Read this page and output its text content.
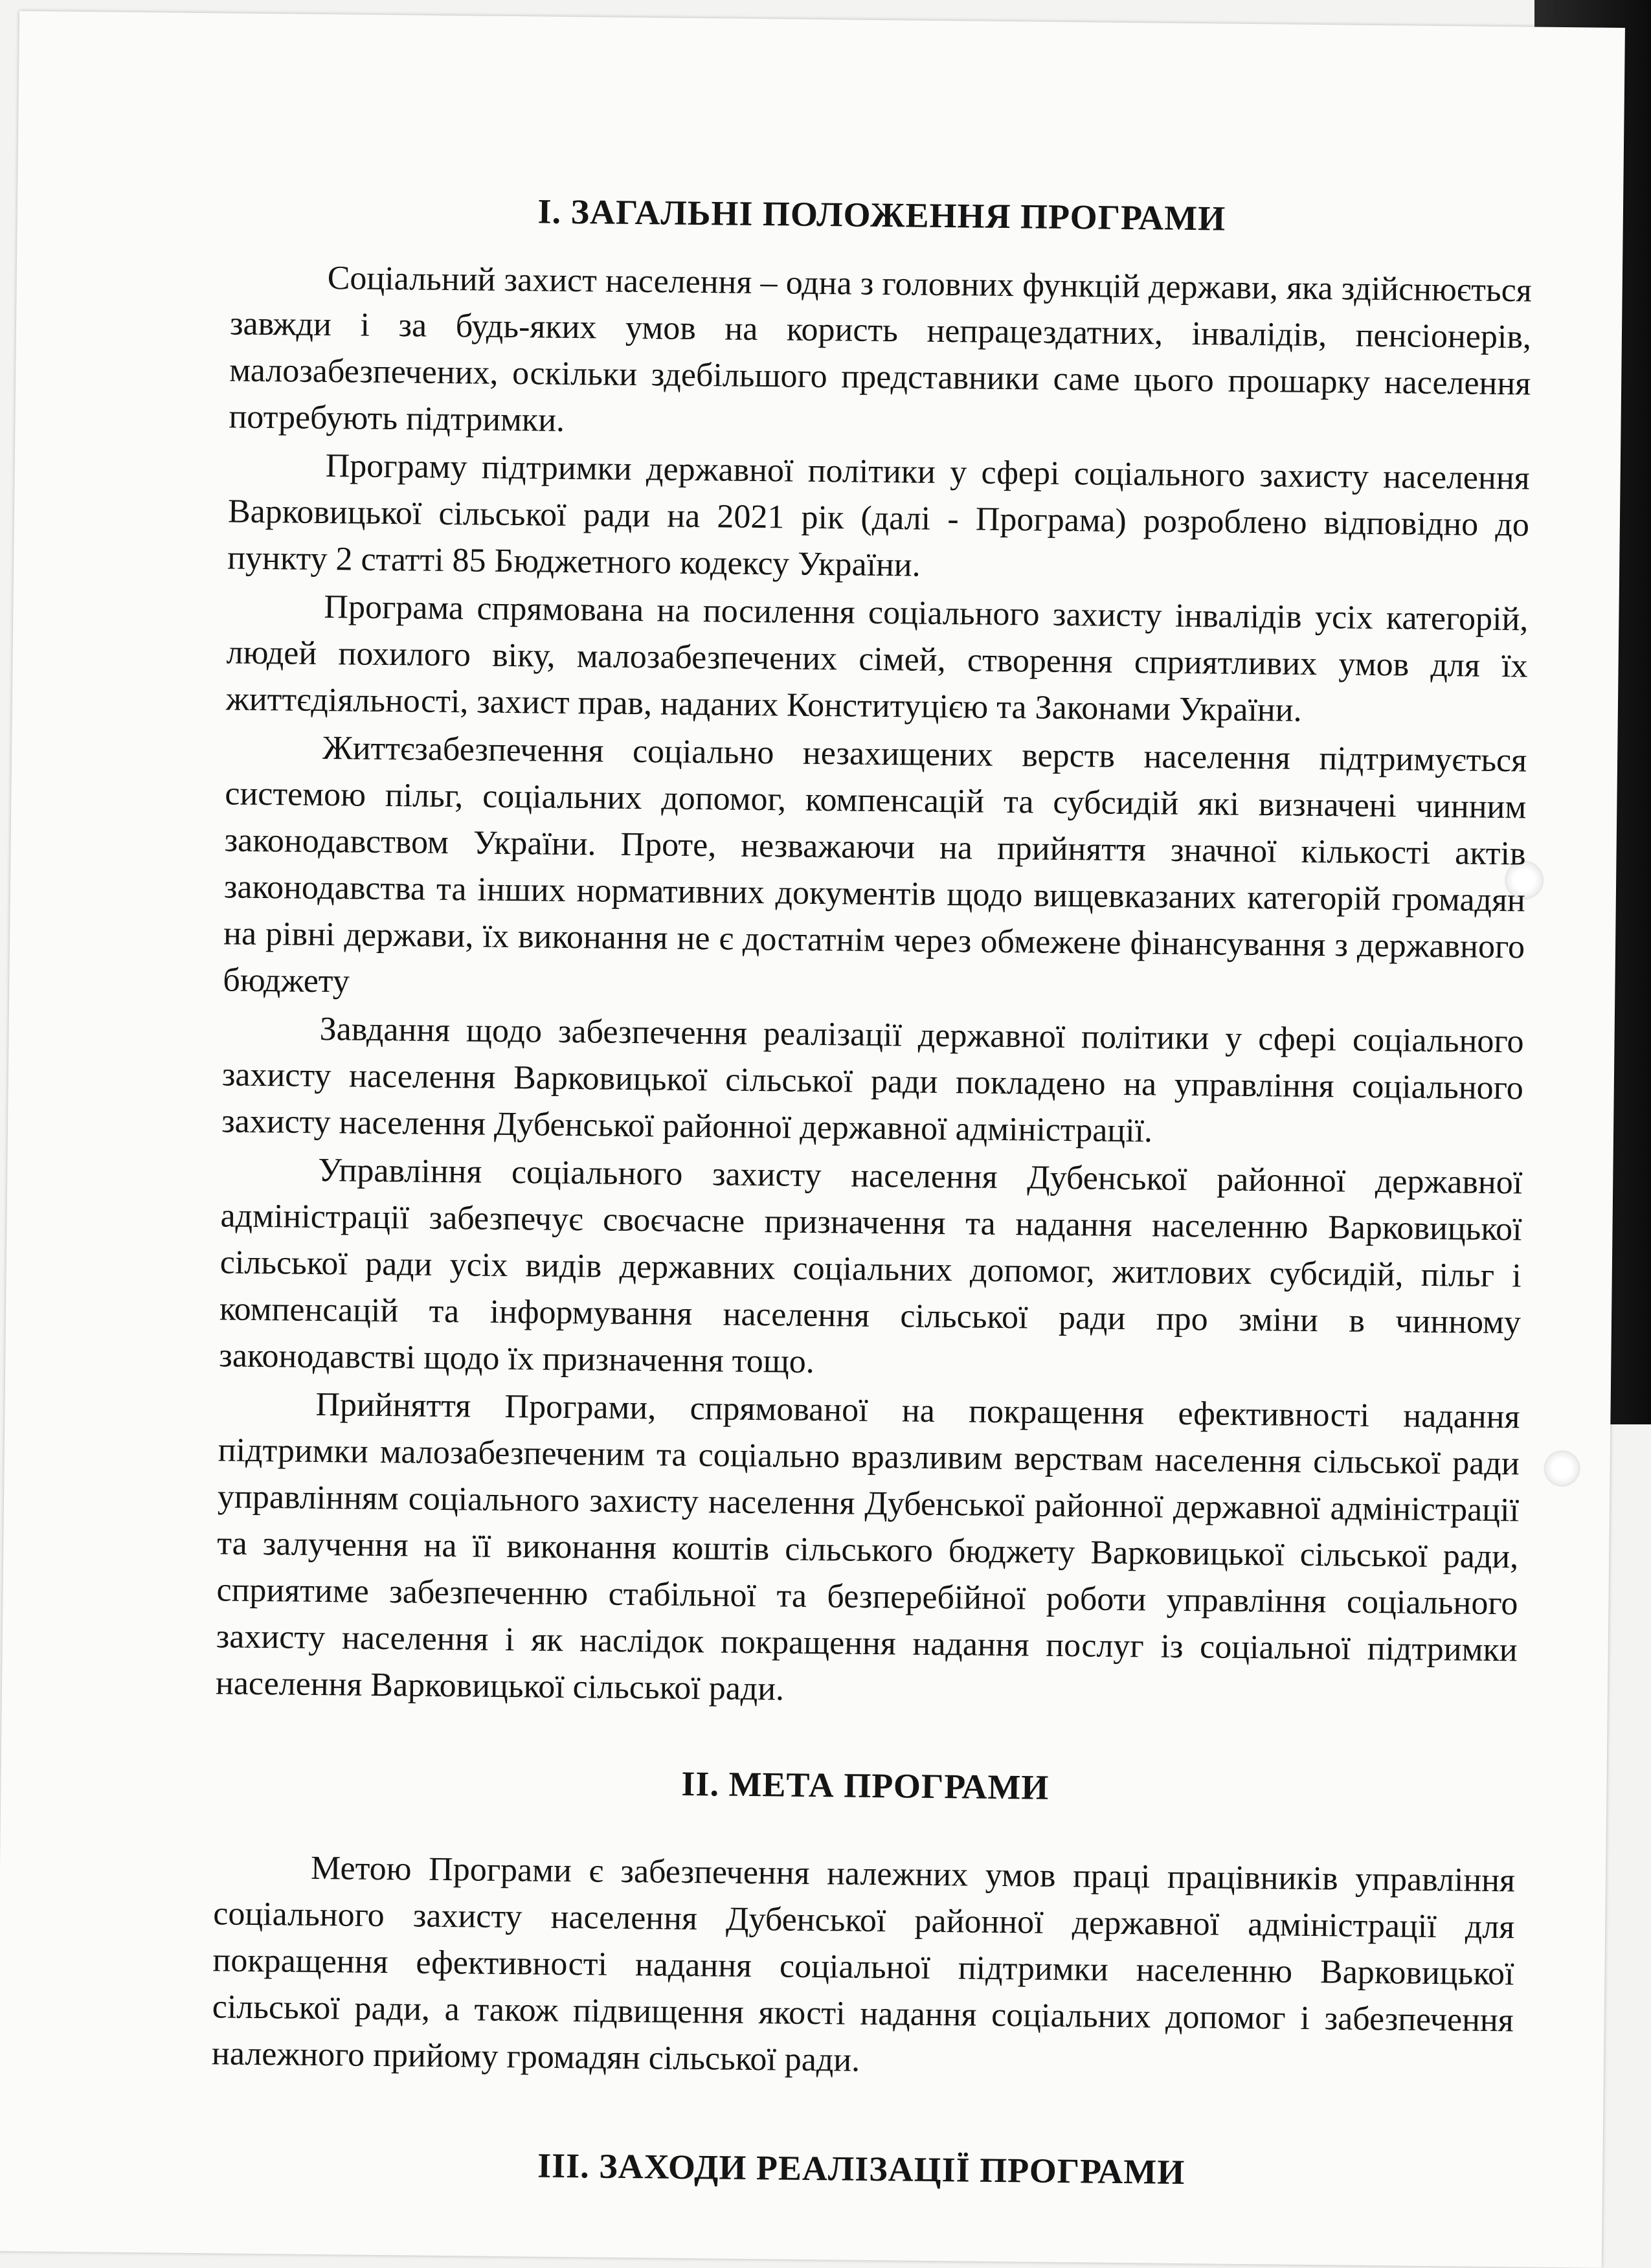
І. ЗАГАЛЬНІ ПОЛОЖЕННЯ ПРОГРАМИ

Соціальний захист населення – одна з головних функцій держави, яка здійснюється завжди і за будь-яких умов на користь непрацездатних, інвалідів, пенсіонерів, малозабезпечених, оскільки здебільшого представники саме цього прошарку населення потребують підтримки.

Програму підтримки державної політики у сфері соціального захисту населення Варковицької сільської ради на 2021 рік (далі - Програма) розроблено відповідно до пункту 2 статті 85 Бюджетного кодексу України.

Програма спрямована на посилення соціального захисту інвалідів усіх категорій, людей похилого віку, малозабезпечених сімей, створення сприятливих умов для їх життєдіяльності, захист прав, наданих Конституцією та Законами України.

Життєзабезпечення соціально незахищених верств населення підтримується системою пільг, соціальних допомог, компенсацій та субсидій які визначені чинним законодавством України. Проте, незважаючи на прийняття значної кількості актів законодавства та інших нормативних документів щодо вищевказаних категорій громадян на рівні держави, їх виконання не є достатнім через обмежене фінансування з державного бюджету

Завдання щодо забезпечення реалізації державної політики у сфері соціального захисту населення Варковицької сільської ради покладено на управління соціального захисту населення Дубенської районної державної адміністрації.

Управління соціального захисту населення Дубенської районної державної адміністрації забезпечує своєчасне призначення та надання населенню Варковицької сільської ради усіх видів державних соціальних допомог, житлових субсидій, пільг і компенсацій та інформування населення сільської ради про зміни в чинному законодавстві щодо їх призначення тощо.

Прийняття Програми, спрямованої на покращення ефективності надання підтримки малозабезпеченим та соціально вразливим верствам населення сільської ради управлінням соціального захисту населення Дубенської районної державної адміністрації та залучення на її виконання коштів сільського бюджету Варковицької сільської ради, сприятиме забезпеченню стабільної та безперебійної роботи управління соціального захисту населення і як наслідок покращення надання послуг із соціальної підтримки населення Варковицької сільської ради.

ІІ. МЕТА ПРОГРАМИ

Метою Програми є забезпечення належних умов праці працівників управління соціального захисту населення Дубенської районної державної адміністрації для покращення ефективності надання соціальної підтримки населенню Варковицької сільської ради, а також підвищення якості надання соціальних допомог і забезпечення належного прийому громадян сільської ради.

ІІІ. ЗАХОДИ РЕАЛІЗАЦІЇ ПРОГРАМИ
